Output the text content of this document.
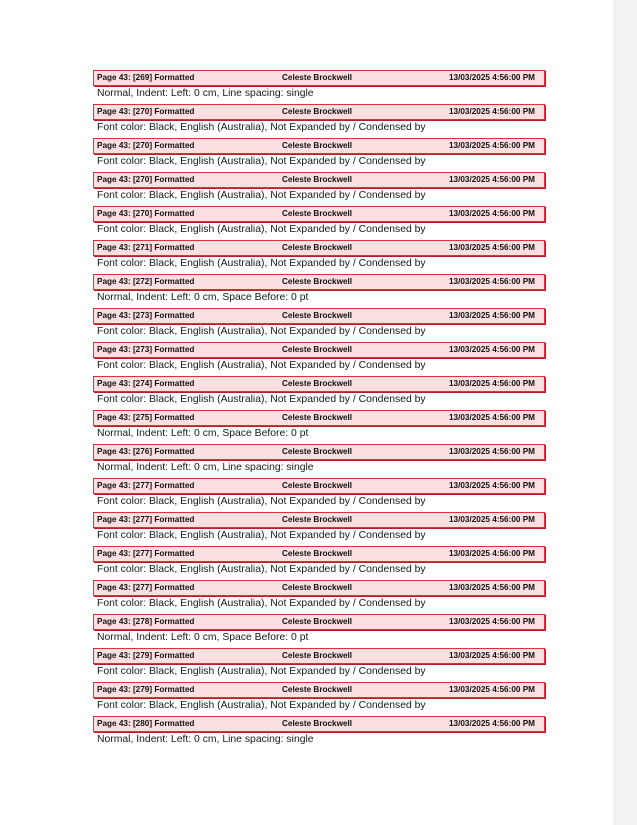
Page 43: [269] Formatted	Celeste Brockwell	13/03/2025 4:56:00 PM
Normal, Indent: Left: 0 cm, Line spacing: single
Page 43: [270] Formatted	Celeste Brockwell	13/03/2025 4:56:00 PM
Font color: Black, English (Australia), Not Expanded by / Condensed by
Page 43: [270] Formatted	Celeste Brockwell	13/03/2025 4:56:00 PM
Font color: Black, English (Australia), Not Expanded by / Condensed by
Page 43: [270] Formatted	Celeste Brockwell	13/03/2025 4:56:00 PM
Font color: Black, English (Australia), Not Expanded by / Condensed by
Page 43: [270] Formatted	Celeste Brockwell	13/03/2025 4:56:00 PM
Font color: Black, English (Australia), Not Expanded by / Condensed by
Page 43: [271] Formatted	Celeste Brockwell	13/03/2025 4:56:00 PM
Font color: Black, English (Australia), Not Expanded by / Condensed by
Page 43: [272] Formatted	Celeste Brockwell	13/03/2025 4:56:00 PM
Normal, Indent: Left: 0 cm, Space Before: 0 pt
Page 43: [273] Formatted	Celeste Brockwell	13/03/2025 4:56:00 PM
Font color: Black, English (Australia), Not Expanded by / Condensed by
Page 43: [273] Formatted	Celeste Brockwell	13/03/2025 4:56:00 PM
Font color: Black, English (Australia), Not Expanded by / Condensed by
Page 43: [274] Formatted	Celeste Brockwell	13/03/2025 4:56:00 PM
Font color: Black, English (Australia), Not Expanded by / Condensed by
Page 43: [275] Formatted	Celeste Brockwell	13/03/2025 4:56:00 PM
Normal, Indent: Left: 0 cm, Space Before: 0 pt
Page 43: [276] Formatted	Celeste Brockwell	13/03/2025 4:56:00 PM
Normal, Indent: Left: 0 cm, Line spacing: single
Page 43: [277] Formatted	Celeste Brockwell	13/03/2025 4:56:00 PM
Font color: Black, English (Australia), Not Expanded by / Condensed by
Page 43: [277] Formatted	Celeste Brockwell	13/03/2025 4:56:00 PM
Font color: Black, English (Australia), Not Expanded by / Condensed by
Page 43: [277] Formatted	Celeste Brockwell	13/03/2025 4:56:00 PM
Font color: Black, English (Australia), Not Expanded by / Condensed by
Page 43: [277] Formatted	Celeste Brockwell	13/03/2025 4:56:00 PM
Font color: Black, English (Australia), Not Expanded by / Condensed by
Page 43: [278] Formatted	Celeste Brockwell	13/03/2025 4:56:00 PM
Normal, Indent: Left: 0 cm, Space Before: 0 pt
Page 43: [279] Formatted	Celeste Brockwell	13/03/2025 4:56:00 PM
Font color: Black, English (Australia), Not Expanded by / Condensed by
Page 43: [279] Formatted	Celeste Brockwell	13/03/2025 4:56:00 PM
Font color: Black, English (Australia), Not Expanded by / Condensed by
Page 43: [280] Formatted	Celeste Brockwell	13/03/2025 4:56:00 PM
Normal, Indent: Left: 0 cm, Line spacing: single
